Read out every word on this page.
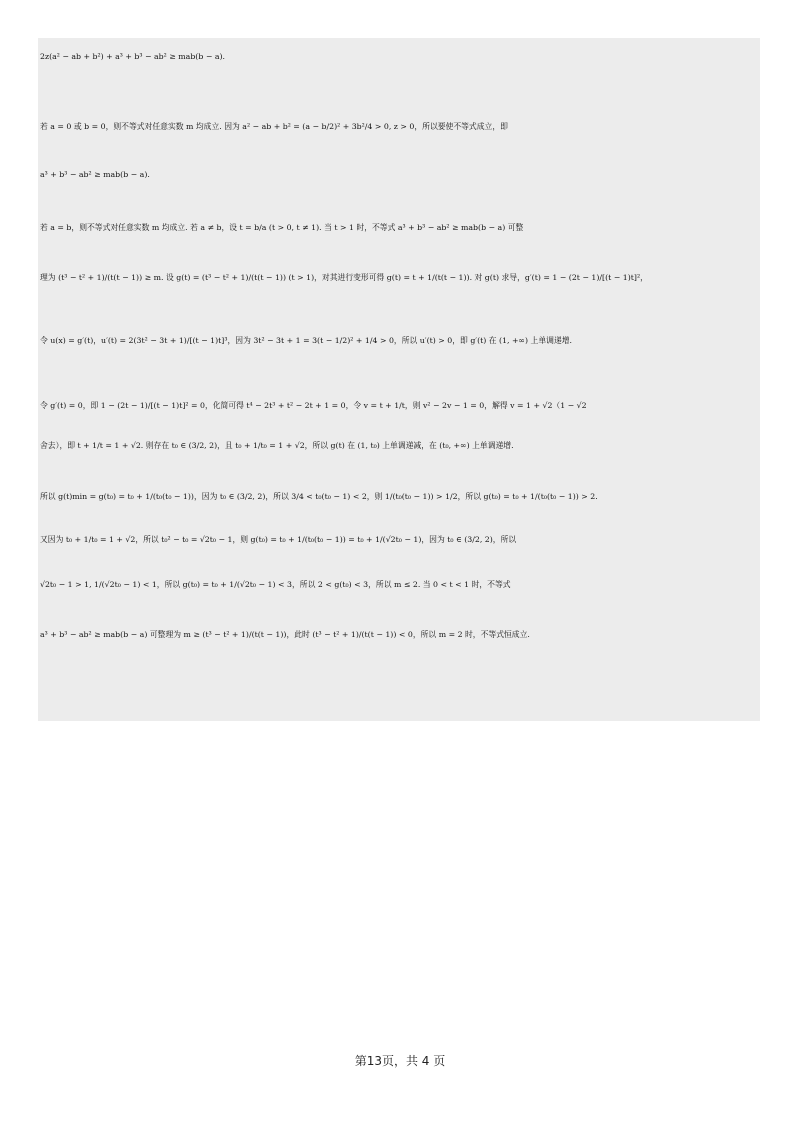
2z(a² − ab + b²) + a³ + b³ − ab² ≥ mab(b − a).
若 a = 0 或 b = 0，则不等式对任意实数 m 均成立. 因为 a² − ab + b² = (a − b/2)² + 3b²/4 > 0, z > 0，所以要使不等式成立，即
a³ + b³ − ab² ≥ mab(b − a).
若 a = b，则不等式对任意实数 m 均成立. 若 a ≠ b，设 t = b/a (t > 0, t ≠ 1). 当 t > 1 时，不等式 a³ + b³ − ab² ≥ mab(b − a) 可整
理为 (t³ − t² + 1)/(t(t − 1)) ≥ m. 设 g(t) = (t³ − t² + 1)/(t(t − 1)) (t > 1)，对其进行变形可得 g(t) = t + 1/(t(t − 1)). 对 g(t) 求导，g′(t) = 1 − (2t − 1)/[(t − 1)t]²，
令 u(x) = g′(t)，u′(t) = 2(3t² − 3t + 1)/[(t − 1)t]³，因为 3t² − 3t + 1 = 3(t − 1/2)² + 1/4 > 0，所以 u′(t) > 0，即 g′(t) 在 (1, +∞) 上单调递增.
令 g′(t) = 0，即 1 − (2t − 1)/[(t − 1)t]² = 0，化简可得 t⁴ − 2t³ + t² − 2t + 1 = 0，令 v = t + 1/t，则 v² − 2v − 1 = 0，解得 v = 1 + √2（1 − √2
舍去），即 t + 1/t = 1 + √2. 则存在 t₀ ∈ (3/2, 2)，且 t₀ + 1/t₀ = 1 + √2，所以 g(t) 在 (1, t₀) 上单调递减，在 (t₀, +∞) 上单调递增.
所以 g(t)min = g(t₀) = t₀ + 1/(t₀(t₀ − 1))，因为 t₀ ∈ (3/2, 2)，所以 3/4 < t₀(t₀ − 1) < 2，则 1/(t₀(t₀ − 1)) > 1/2，所以 g(t₀) = t₀ + 1/(t₀(t₀ − 1)) > 2.
又因为 t₀ + 1/t₀ = 1 + √2，所以 t₀² − t₀ = √2t₀ − 1，则 g(t₀) = t₀ + 1/(t₀(t₀ − 1)) = t₀ + 1/(√2t₀ − 1)，因为 t₀ ∈ (3/2, 2)，所以
√2t₀ − 1 > 1, 1/(√2t₀ − 1) < 1，所以 g(t₀) = t₀ + 1/(√2t₀ − 1) < 3，所以 2 < g(t₀) < 3，所以 m ≤ 2. 当 0 < t < 1 时，不等式
a³ + b³ − ab² ≥ mab(b − a) 可整理为 m ≥ (t³ − t² + 1)/(t(t − 1))，此时 (t³ − t² + 1)/(t(t − 1)) < 0，所以 m = 2 时，不等式恒成立.
第13页，共 4 页
